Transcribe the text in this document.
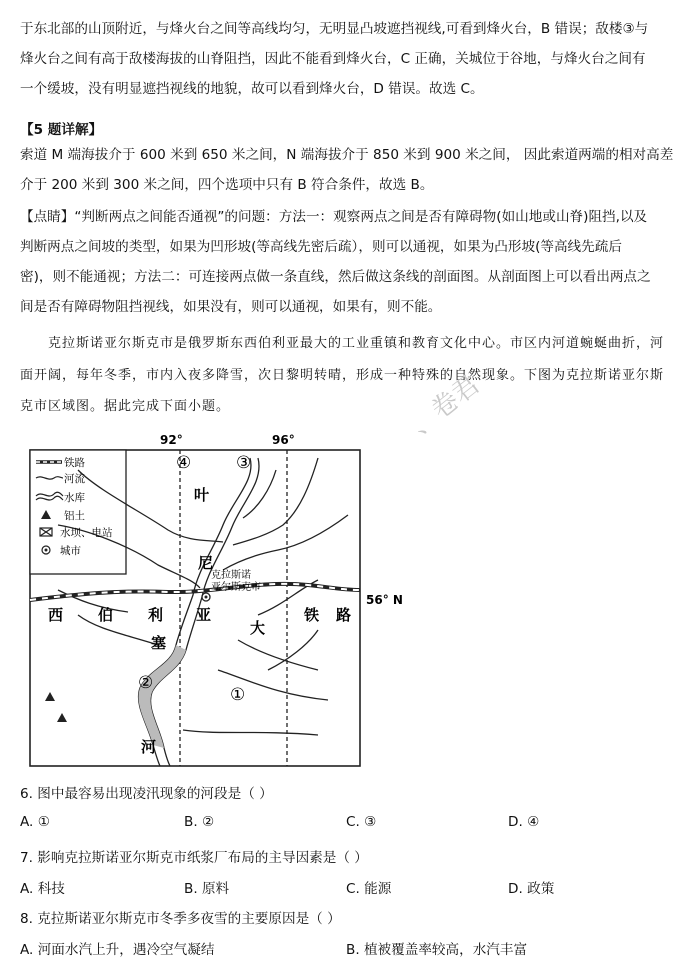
于东北部的山顶附近，与烽火台之间等高线均匀，无明显凸坡遮挡视线,可看到烽火台，B 错误；敌楼③与
烽火台之间有高于敌楼海拔的山脊阻挡，因此不能看到烽火台，C 正确，关城位于谷地，与烽火台之间有
一个缓坡，没有明显遮挡视线的地貌，故可以看到烽火台，D 错误。故选 C。
【5 题详解】
索道 M 端海拔介于 600 米到 650 米之间，N 端海拔介于 850 米到 900 米之间， 因此索道两端的相对高差
介于 200 米到 300 米之间，四个选项中只有 B 符合条件，故选 B。
【点睛】“判断两点之间能否通视”的问题：方法一：观察两点之间是否有障碍物(如山地或山脊)阻挡,以及
判断两点之间坡的类型，如果为凹形坡(等高线先密后疏），则可以通视，如果为凸形坡(等高线先疏后
密)，则不能通视；方法二：可连接两点做一条直线，然后做这条线的剖面图。从剖面图上可以看出两点之
间是否有障碍物阻挡视线，如果没有，则可以通视，如果有，则不能。
　　克拉斯诺亚尔斯克市是俄罗斯东西伯利亚最大的工业重镇和教育文化中心。市区内河道蜿蜒曲折，河
面开阔，每年冬季，市内入夜多降雪，次日黎明转晴，形成一种特殊的自然现象。下图为克拉斯诺亚尔斯
克市区域图。据此完成下面小题。	、卷君
92°	96°
56° N
铁路
河流
水库
铝土
水坝、电站
城市
克拉斯诺
亚尔斯克市
④	③
②
①
叶
尼
塞
河
西 伯 利 亚
大
铁 路
6. 图中最容易出现凌汛现象的河段是（ ）
A. ①	B. ②	C. ③	D. ④
7. 影响克拉斯诺亚尔斯克市纸浆厂布局的主导因素是（ ）
A. 科技	B. 原料	C. 能源	D. 政策
8. 克拉斯诺亚尔斯克市冬季多夜雪的主要原因是（ ）
A. 河面水汽上升，遇冷空气凝结	B. 植被覆盖率较高，水汽丰富
